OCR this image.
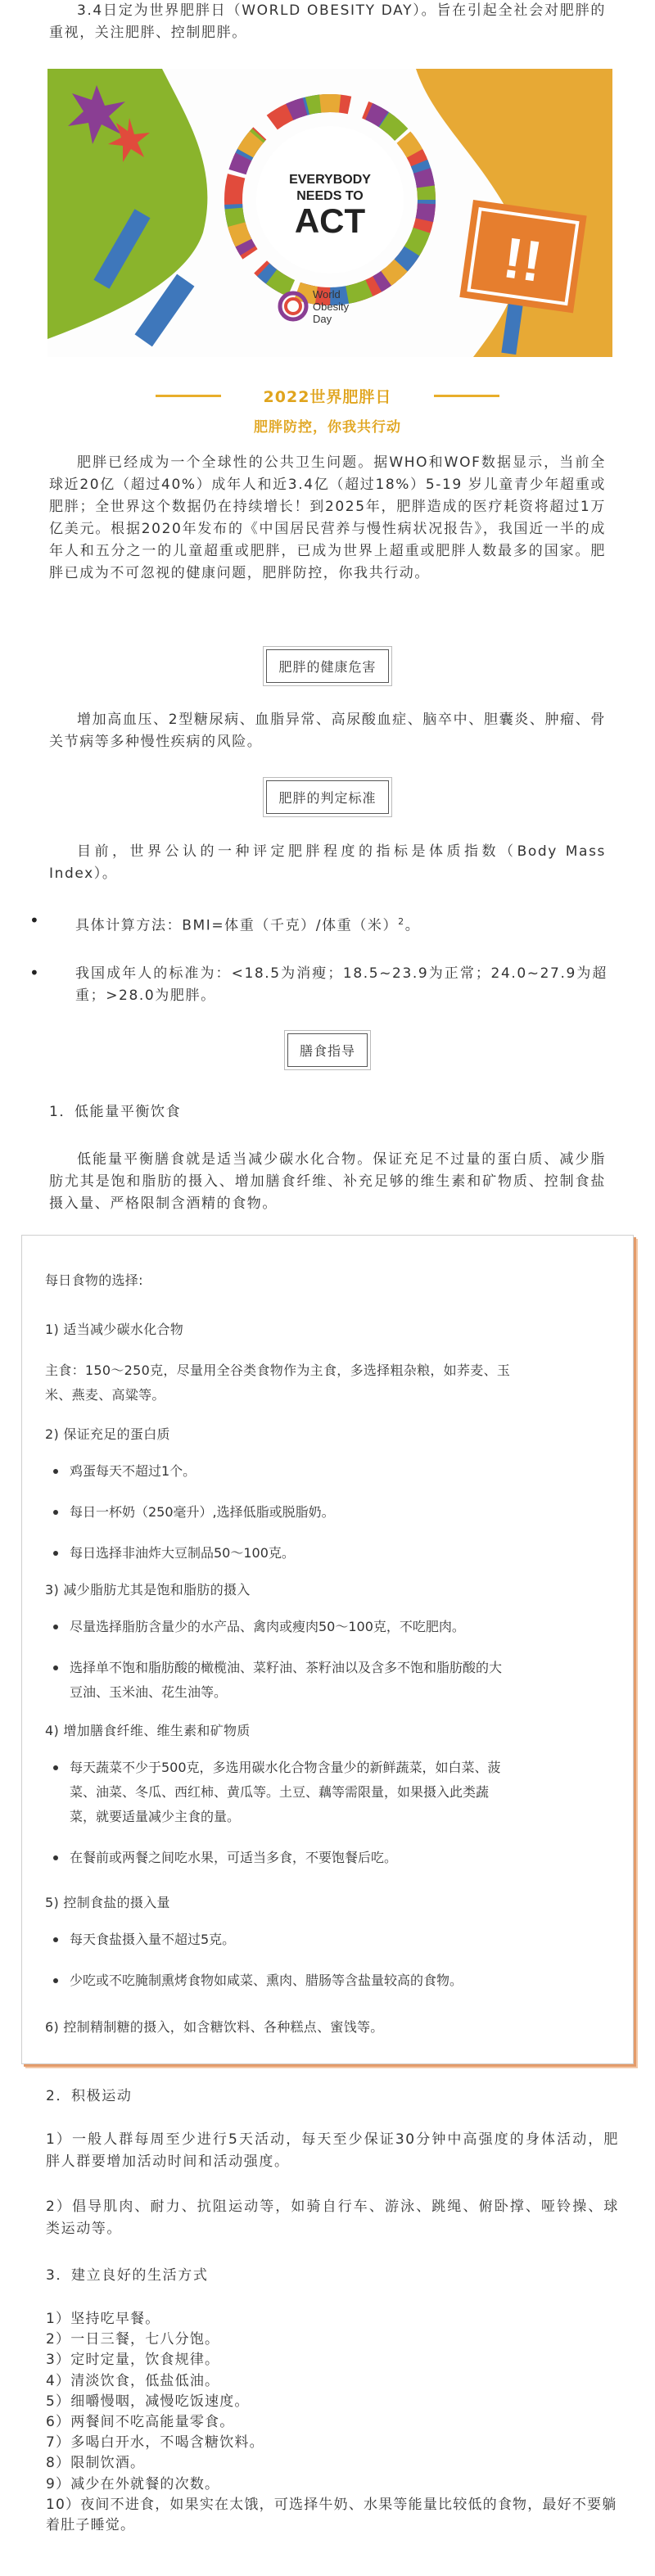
3.4日定为世界肥胖日（WORLD OBESITY DAY）。旨在引起全社会对肥胖的重视，关注肥胖、控制肥胖。
EVERYBODY
NEEDS TO
ACT
World
Obesity
Day
!!
2022世界肥胖日
肥胖防控，你我共行动
肥胖已经成为一个全球性的公共卫生问题。据WHO和WOF数据显示，当前全球近20亿（超过40%）成年人和近3.4亿（超过18%）5-19 岁儿童青少年超重或肥胖；全世界这个数据仍在持续增长！到2025年，肥胖造成的医疗耗资将超过1万亿美元。根据2020年发布的《中国居民营养与慢性病状况报告》，我国近一半的成年人和五分之一的儿童超重或肥胖，已成为世界上超重或肥胖人数最多的国家。肥胖已成为不可忽视的健康问题，肥胖防控，你我共行动。
肥胖的健康危害
增加高血压、2型糖尿病、血脂异常、高尿酸血症、脑卒中、胆囊炎、肿瘤、骨关节病等多种慢性疾病的风险。
肥胖的判定标准
目前，世界公认的一种评定肥胖程度的指标是体质指数（Body Mass Index）。
•	具体计算方法：BMI=体重（千克）/体重（米）$^2$。
•	我国成年人的标准为：<18.5为消瘦；18.5~23.9为正常；24.0~27.9为超重；>28.0为肥胖。
膳食指导
1．低能量平衡饮食
低能量平衡膳食就是适当减少碳水化合物。保证充足不过量的蛋白质、减少脂肪尤其是饱和脂肪的摄入、增加膳食纤维、补充足够的维生素和矿物质、控制食盐摄入量、严格限制含酒精的食物。
每日食物的选择:
1) 适当减少碳水化合物
主食：150～250克，尽量用全谷类食物作为主食，多选择粗杂粮，如荞麦、玉
米、燕麦、高粱等。
2) 保证充足的蛋白质
鸡蛋每天不超过1个。
每日一杯奶（250毫升）,选择低脂或脱脂奶。
每日选择非油炸大豆制品50～100克。
3) 减少脂肪尤其是饱和脂肪的摄入
尽量选择脂肪含量少的水产品、禽肉或瘦肉50～100克，不吃肥肉。
选择单不饱和脂肪酸的橄榄油、菜籽油、茶籽油以及含多不饱和脂肪酸的大
豆油、玉米油、花生油等。
4) 增加膳食纤维、维生素和矿物质
每天蔬菜不少于500克，多选用碳水化合物含量少的新鲜蔬菜，如白菜、菠
菜、油菜、冬瓜、西红柿、黄瓜等。土豆、藕等需限量，如果摄入此类蔬
菜，就要适量减少主食的量。
在餐前或两餐之间吃水果，可适当多食，不要饱餐后吃。
5) 控制食盐的摄入量
每天食盐摄入量不超过5克。
少吃或不吃腌制熏烤食物如咸菜、熏肉、腊肠等含盐量较高的食物。
6) 控制精制糖的摄入，如含糖饮料、各种糕点、蜜饯等。
2．积极运动
1）一般人群每周至少进行5天活动，每天至少保证30分钟中高强度的身体活动，肥胖人群要增加活动时间和活动强度。
2）倡导肌肉、耐力、抗阻运动等，如骑自行车、游泳、跳绳、俯卧撑、哑铃操、球类运动等。
3．建立良好的生活方式
1）坚持吃早餐。
2）一日三餐，七八分饱。
3）定时定量，饮食规律。
4）清淡饮食，低盐低油。
5）细嚼慢咽，减慢吃饭速度。
6）两餐间不吃高能量零食。
7）多喝白开水，不喝含糖饮料。
8）限制饮酒。
9）减少在外就餐的次数。
10）夜间不进食，如果实在太饿，可选择牛奶、水果等能量比较低的食物，最好不要躺着肚子睡觉。
